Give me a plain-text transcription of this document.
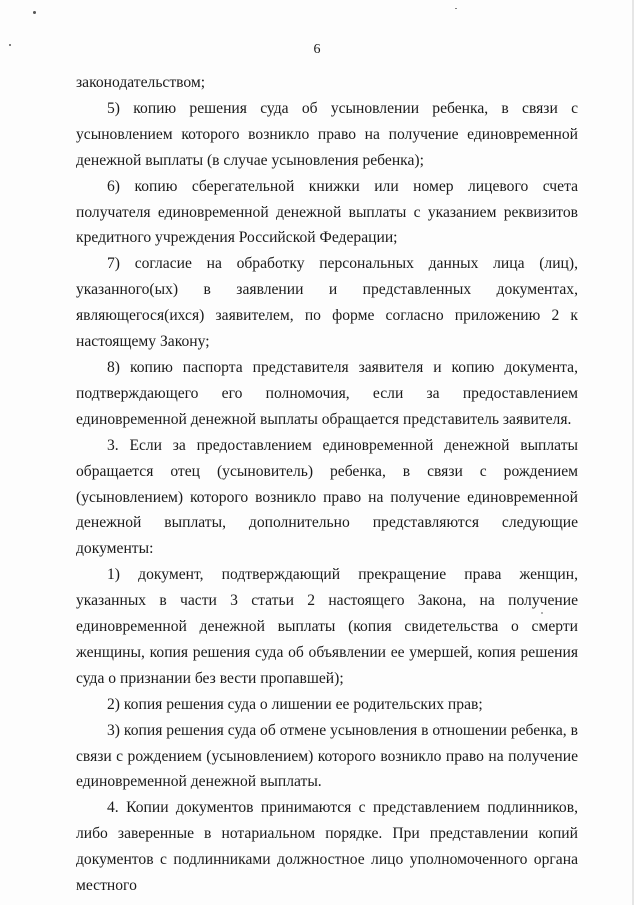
6

законодательством;

5) копию решения суда об усыновлении ребенка, в связи с усыновлением которого возникло право на получение единовременной денежной выплаты (в случае усыновления ребенка);

6) копию сберегательной книжки или номер лицевого счета получателя единовременной денежной выплаты с указанием реквизитов кредитного учреждения Российской Федерации;

7) согласие на обработку персональных данных лица (лиц), указанного(ых) в заявлении и представленных документах, являющегося(ихся) заявителем, по форме согласно приложению 2 к настоящему Закону;

8) копию паспорта представителя заявителя и копию документа, подтверждающего его полномочия, если за предоставлением единовременной денежной выплаты обращается представитель заявителя.

3. Если за предоставлением единовременной денежной выплаты обращается отец (усыновитель) ребенка, в связи с рождением (усыновлением) которого возникло право на получение единовременной денежной выплаты, дополнительно представляются следующие документы:

1) документ, подтверждающий прекращение права женщин, указанных в части 3 статьи 2 настоящего Закона, на получение единовременной денежной выплаты (копия свидетельства о смерти женщины, копия решения суда об объявлении ее умершей, копия решения суда о признании без вести пропавшей);

2) копия решения суда о лишении ее родительских прав;

3) копия решения суда об отмене усыновления в отношении ребенка, в связи с рождением (усыновлением) которого возникло право на получение единовременной денежной выплаты.

4. Копии документов принимаются с представлением подлинников, либо заверенные в нотариальном порядке. При представлении копий документов с подлинниками должностное лицо уполномоченного органа местного
